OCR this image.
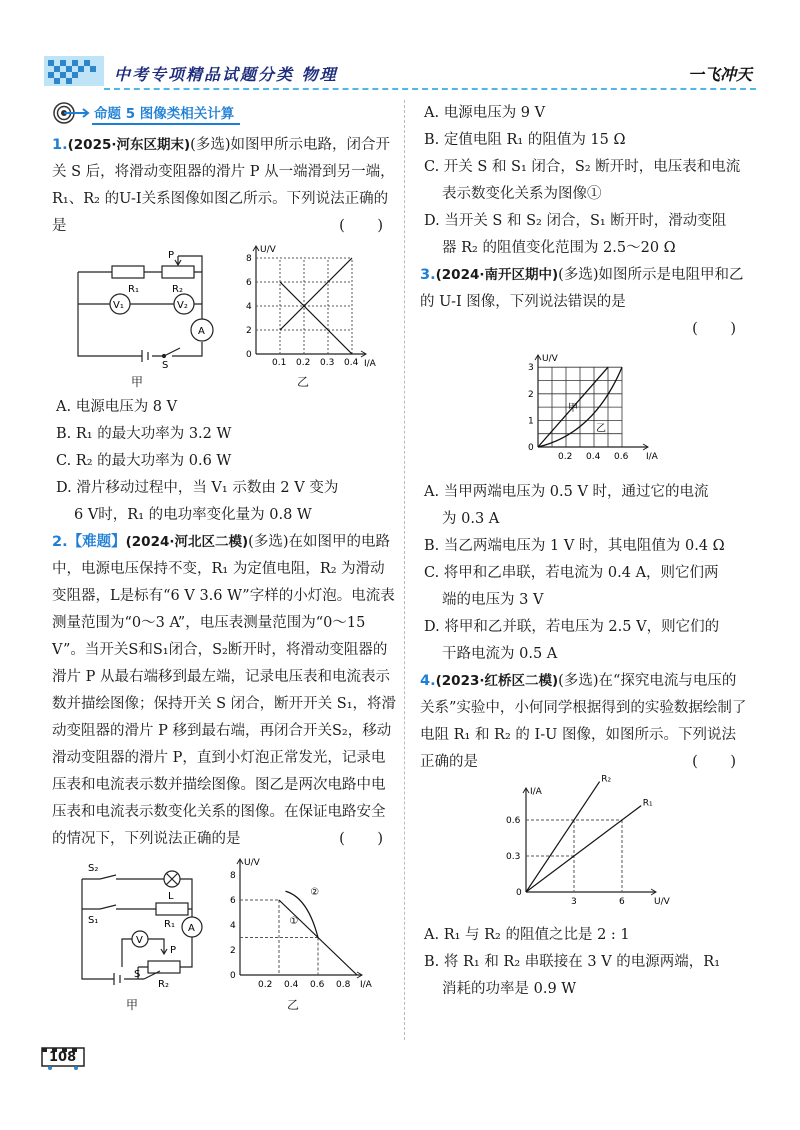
中考专项精品试题分类 物理	一飞冲天
命题 5 图像类相关计算

1.(2025·河东区期末)(多选)如图甲所示电路，闭合开关 S 后，将滑动变阻器的滑片 P 从一端滑到另一端，R₁、R₂ 的U-I关系图像如图乙所示。下列说法正确的是	( )

R₁	R₂
P
V₁	V₂
A
S
甲
I/A
U/V
8
6
4
2
0
0.1 0.2 0.3 0.4
乙

A. 电源电压为 8 V

B. R₁ 的最大功率为 3.2 W

C. R₂ 的最大功率为 0.6 W

D. 滑片移动过程中，当 V₁ 示数由 2 V 变为

6 V时，R₁ 的电功率变化量为 0.8 W

2.【难题】(2024·河北区二模)(多选)在如图甲的电路中，电源电压保持不变，R₁ 为定值电阻，R₂ 为滑动变阻器，L是标有“6 V 3.6 W”字样的小灯泡。电流表测量范围为“0～3 A”，电压表测量范围为“0～15 V”。当开关S和S₁闭合，S₂断开时，将滑动变阻器的滑片 P 从最右端移到最左端，记录电压表和电流表示数并描绘图像；保持开关 S 闭合，断开开关 S₁，将滑动变阻器的滑片 P 移到最右端，再闭合开关S₂，移动滑动变阻器的滑片 P，直到小灯泡正常发光，记录电压表和电流表示数并描绘图像。图乙是两次电路中电压表和电流表示数变化关系的图像。在保证电路安全的情况下，下列说法正确的是	( )

S₂
S₁
L
R₁
R₂
V
A
P
S
甲
I/A
U/V
8
6
4
2
0
0.2 0.4 0.6 0.8
①
②
乙

A. 电源电压为 9 V

B. 定值电阻 R₁ 的阻值为 15 Ω

C. 开关 S 和 S₁ 闭合，S₂ 断开时，电压表和电流

表示数变化关系为图像①

D. 当开关 S 和 S₂ 闭合，S₁ 断开时，滑动变阻

器 R₂ 的阻值变化范围为 2.5～20 Ω

3.(2024·南开区期中)(多选)如图所示是电阻甲和乙的 U-I 图像，下列说法错误的是

( )

I/A
U/V
3
2
1
0
0.2 0.4 0.6
甲
乙

A. 当甲两端电压为 0.5 V 时，通过它的电流

为 0.3 A

B. 当乙两端电压为 1 V 时，其电阻值为 0.4 Ω

C. 将甲和乙串联，若电流为 0.4 A，则它们两

端的电压为 3 V

D. 将甲和乙并联，若电压为 2.5 V，则它们的

干路电流为 0.5 A

4.(2023·红桥区二模)(多选)在“探究电流与电压的关系”实验中，小何同学根据得到的实验数据绘制了电阻 R₁ 和 R₂ 的 I-U 图像，如图所示。下列说法正确的是	( )

U/V
I/A
R₁
R₂
0.6
0.3
0
3	6

A. R₁ 与 R₂ 的阻值之比是 2 : 1

B. 将 R₁ 和 R₂ 串联接在 3 V 的电源两端，R₁

消耗的功率是 0.9 W

108
